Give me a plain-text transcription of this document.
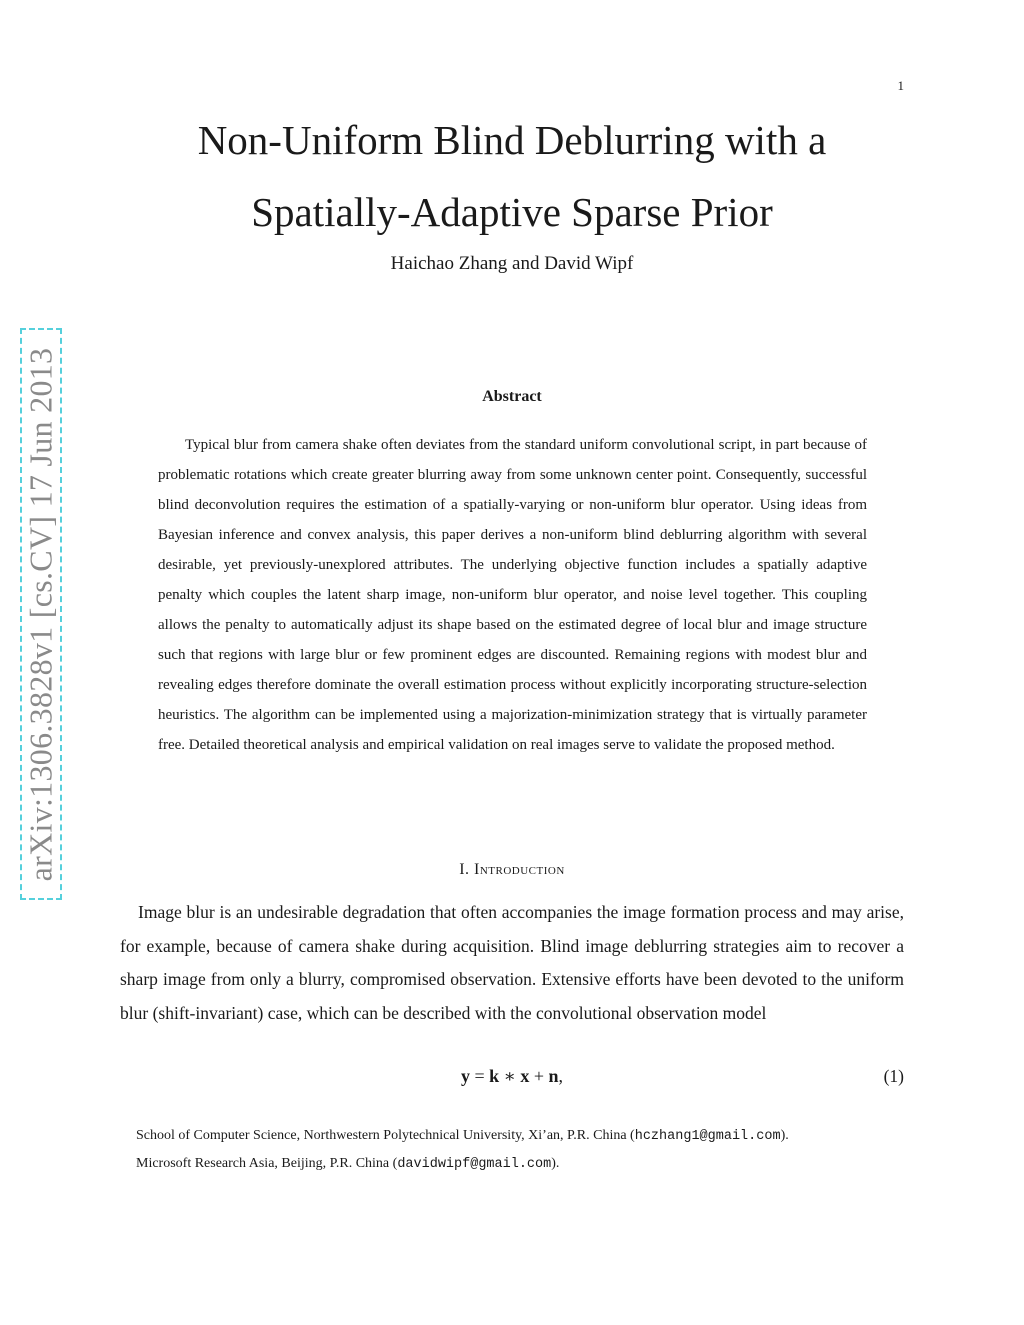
1
Non-Uniform Blind Deblurring with a
Spatially-Adaptive Sparse Prior
Haichao Zhang and David Wipf
arXiv:1306.3828v1 [cs.CV] 17 Jun 2013	Abstract

Typical blur from camera shake often deviates from the standard uniform convolutional script, in part because of problematic rotations which create greater blurring away from some unknown center point. Consequently, successful blind deconvolution requires the estimation of a spatially-varying or non-uniform blur operator. Using ideas from Bayesian inference and convex analysis, this paper derives a non-uniform blind deblurring algorithm with several desirable, yet previously-unexplored attributes. The underlying objective function includes a spatially adaptive penalty which couples the latent sharp image, non-uniform blur operator, and noise level together. This coupling allows the penalty to automatically adjust its shape based on the estimated degree of local blur and image structure such that regions with large blur or few prominent edges are discounted. Remaining regions with modest blur and revealing edges therefore dominate the overall estimation process without explicitly incorporating structure-selection heuristics. The algorithm can be implemented using a majorization-minimization strategy that is virtually parameter free. Detailed theoretical analysis and empirical validation on real images serve to validate the proposed method.

I. Introduction

Image blur is an undesirable degradation that often accompanies the image formation process and may arise, for example, because of camera shake during acquisition. Blind image deblurring strategies aim to recover a sharp image from only a blurry, compromised observation. Extensive efforts have been devoted to the uniform blur (shift-invariant) case, which can be described with the convolutional observation model

y = k ∗ x + n,	(1)
School of Computer Science, Northwestern Polytechnical University, Xi’an, P.R. China (hczhang1@gmail.com).
Microsoft Research Asia, Beijing, P.R. China (davidwipf@gmail.com).
